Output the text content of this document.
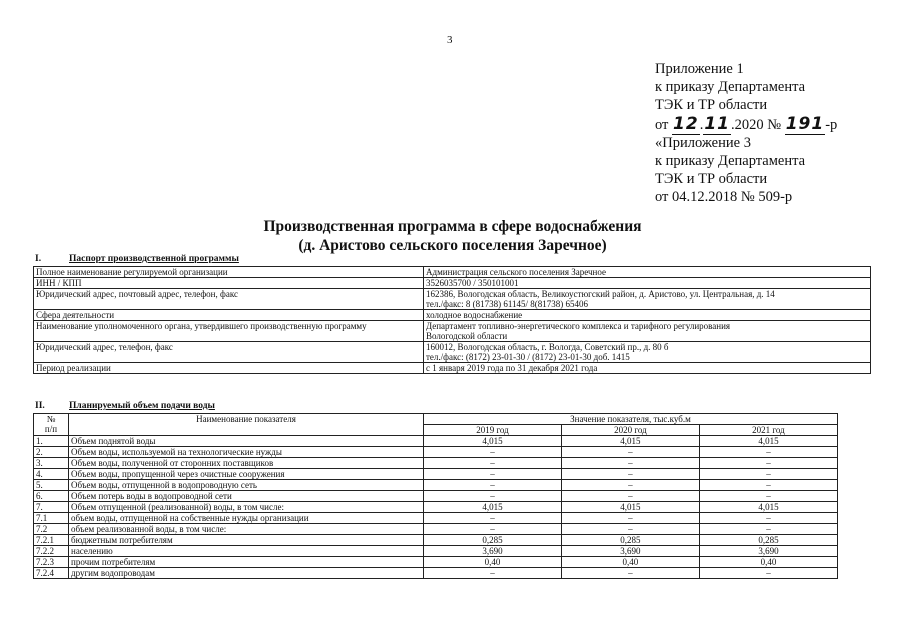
3
Приложение 1
к приказу Департамента
ТЭК и ТР области
от 12.11.2020 № 191-р
«Приложение 3
к приказу Департамента
ТЭК и ТР области
от 04.12.2018 № 509-р
Производственная программа в сфере водоснабжения
(д. Аристово сельского поселения Заречное)
I.	Паспорт производственной программы
Полное наименование регулируемой организации	Администрация сельского поселения Заречное

ИНН / КПП	3526035700 / 350101001

Юридический адрес, почтовый адрес, телефон, факс	162386, Вологодская область, Великоустюгский район, д. Аристово, ул. Центральная, д. 14
тел./факс: 8 (81738) 61145/ 8(81738) 65406

Сфера деятельности	холодное водоснабжение

Наименование уполномоченного органа, утвердившего производственную программу	Департамент топливно-энергетического комплекса и тарифного регулирования
Вологодской области

Юридический адрес, телефон, факс	160012, Вологодская область, г. Вологда, Советский пр., д. 80 б
тел./факс: (8172) 23-01-30 / (8172) 23-01-30 доб. 1415

Период реализации	с 1 января 2019 года по 31 декабря 2021 года
II.	Планируемый объем подачи воды
№
п/п	Наименование показателя	Значение показателя, тыс.куб.м		
		2019 год	2020 год	2021 год
1.	Объем поднятой воды	4,015	4,015	4,015
2.	Объем воды, используемой на технологические нужды	–	–	–
3.	Объем воды, полученной от сторонних поставщиков	–	–	–
4.	Объем воды, пропущенной через очистные сооружения	–	–	–
5.	Объем воды, отпущенной в водопроводную сеть	–	–	–
6.	Объем потерь воды в водопроводной сети	–	–	–
7.	Объем отпущенной (реализованной) воды, в том числе:	4,015	4,015	4,015
7.1	объем воды, отпущенной на собственные нужды организации	–	–	–
7.2	объем реализованной воды, в том числе:	–	–	–
7.2.1	бюджетным потребителям	0,285	0,285	0,285
7.2.2	населению	3,690	3,690	3,690
7.2.3	прочим потребителям	0,40	0,40	0,40
7.2.4	другим водопроводам	–	–	–
